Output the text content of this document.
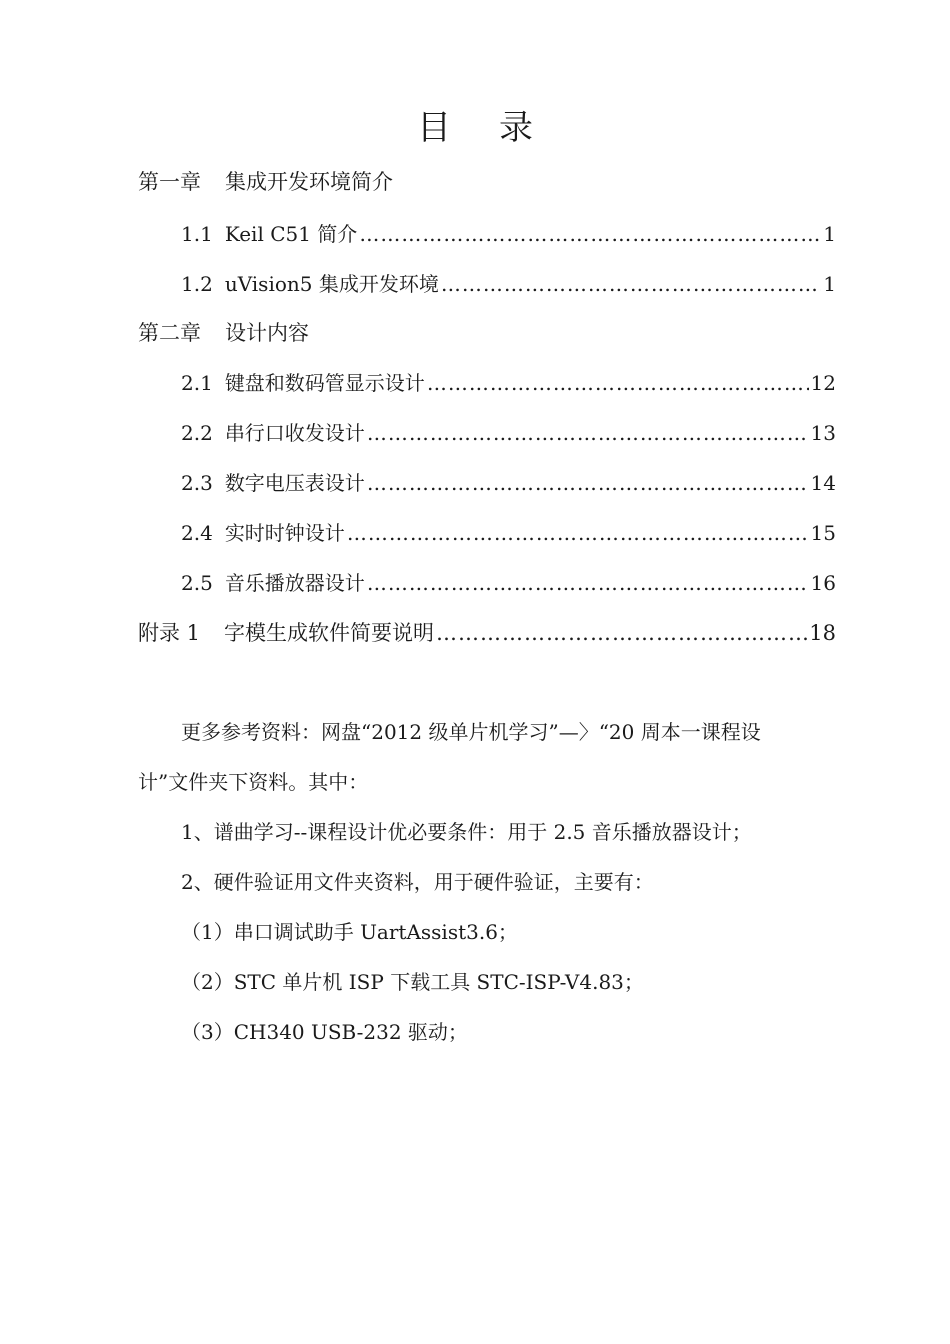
目 录
第一章 集成开发环境简介
1.1 Keil C51 简介 …………………………………………………………………………………………………………………………………………………………	1
1.2 uVision5 集成开发环境 …………………………………………………………………………………………………………………………………………………………	1
第二章 设计内容
2.1 键盘和数码管显示设计 …………………………………………………………………………………………………………………………………………………………	12
2.2 串行口收发设计 …………………………………………………………………………………………………………………………………………………………	13
2.3 数字电压表设计 …………………………………………………………………………………………………………………………………………………………	14
2.4 实时时钟设计 …………………………………………………………………………………………………………………………………………………………	15
2.5 音乐播放器设计 …………………………………………………………………………………………………………………………………………………………	16
附录 1 字模生成软件简要说明 …………………………………………………………………………………………………………………………………………………………	18
更多参考资料：网盘“2012 级单片机学习”—〉“20 周本一课程设
计”文件夹下资料。其中：
1、谱曲学习--课程设计优必要条件：用于 2.5 音乐播放器设计；
2、硬件验证用文件夹资料，用于硬件验证，主要有：
（1）串口调试助手 UartAssist3.6；
（2）STC 单片机 ISP 下载工具 STC-ISP-V4.83；
（3）CH340 USB-232 驱动；
